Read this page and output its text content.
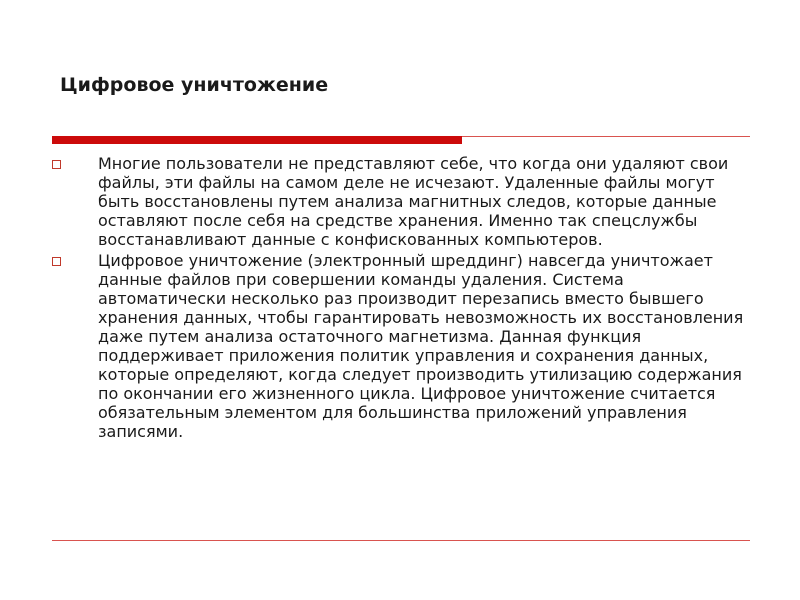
Цифровое уничтожение
Многие пользователи не представляют себе, что когда они удаляют свои файлы, эти файлы на самом деле не исчезают. Удаленные файлы могут быть восстановлены путем анализа магнитных следов, которые данные оставляют после себя на средстве хранения. Именно так спецслужбы восстанавливают данные с конфискованных компьютеров.
Цифровое уничтожение (электронный шреддинг) навсегда уничтожает данные файлов при совершении команды удаления. Система автоматически несколько раз производит перезапись вместо бывшего хранения данных, чтобы гарантировать невозможность их восстановления даже путем анализа остаточного магнетизма. Данная функция поддерживает приложения политик управления и сохранения данных, которые определяют, когда следует производить утилизацию содержания по окончании его жизненного цикла. Цифровое уничтожение считается обязательным элементом для большинства приложений управления записями.
